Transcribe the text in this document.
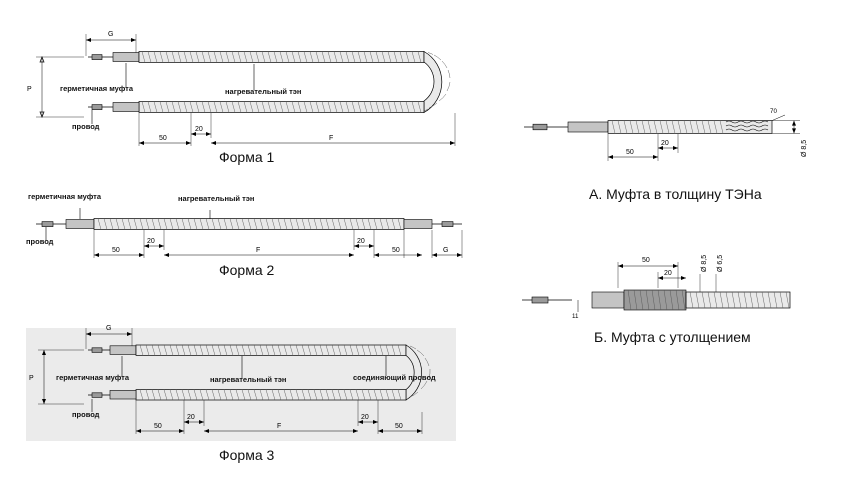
P
G
50
20
F
герметичная муфта	нагревательный тэн
провод
Форма 1
50
20
F
20
50	G
герметичная муфта	нагревательный тэн
провод
Форма 2
P
G
50
20
F
20
50
герметичная муфта	нагревательный тэн	соединяющий провод
провод
Форма 3
70
Ø 8,5
50
20
А. Муфта в толщину ТЭНа
50
20
Ø 8,5 Ø 6,5
11
Б. Муфта с утолщением
